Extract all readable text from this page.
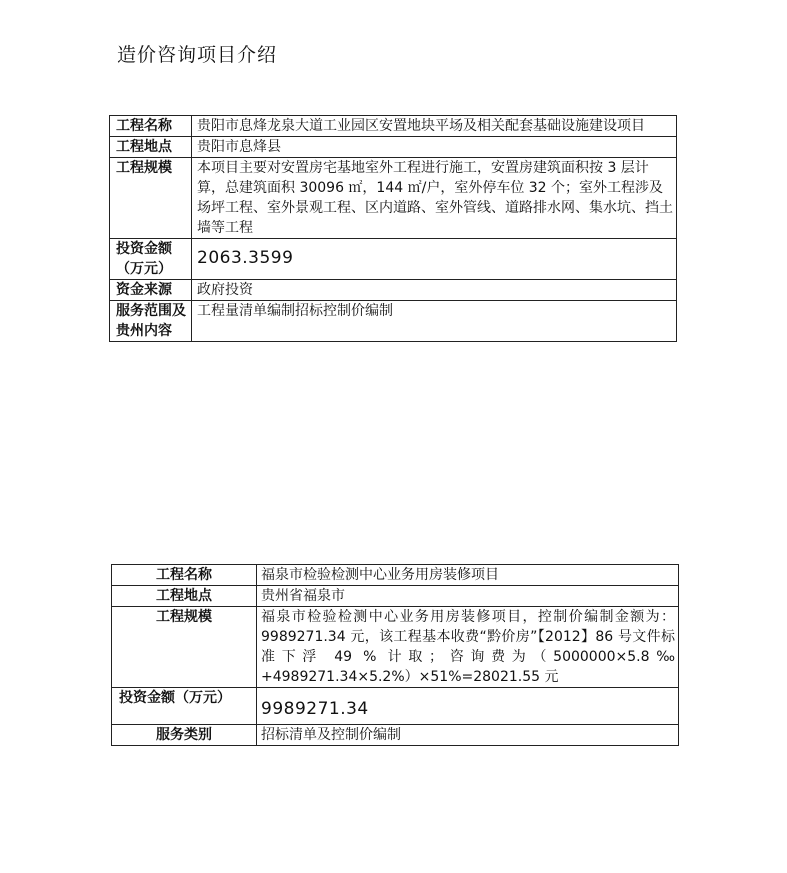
造价咨询项目介绍
工程名称	贵阳市息烽龙泉大道工业园区安置地块平场及相关配套基础设施建设项目
工程地点	贵阳市息烽县
工程规模	本项目主要对安置房宅基地室外工程进行施工，安置房建筑面积按 3 层计算，总建筑面积 30096 ㎡，144 ㎡/户，室外停车位 32 个；室外工程涉及场坪工程、室外景观工程、区内道路、室外管线、道路排水网、集水坑、挡土墙等工程
投资金额（万元）	2063.3599
资金来源	政府投资
服务范围及贵州内容	工程量清单编制招标控制价编制
工程名称	福泉市检验检测中心业务用房装修项目
工程地点	贵州省福泉市
工程规模	福泉市检验检测中心业务用房装修项目，控制价编制金额为：9989271.34 元，该工程基本收费“黔价房”【2012】86 号文件标准下浮 49 % 计取；咨询费为（5000000×5.8‰+4989271.34×5.2%）×51%=28021.55 元
投资金额（万元）	9989271.34
服务类别	招标清单及控制价编制
